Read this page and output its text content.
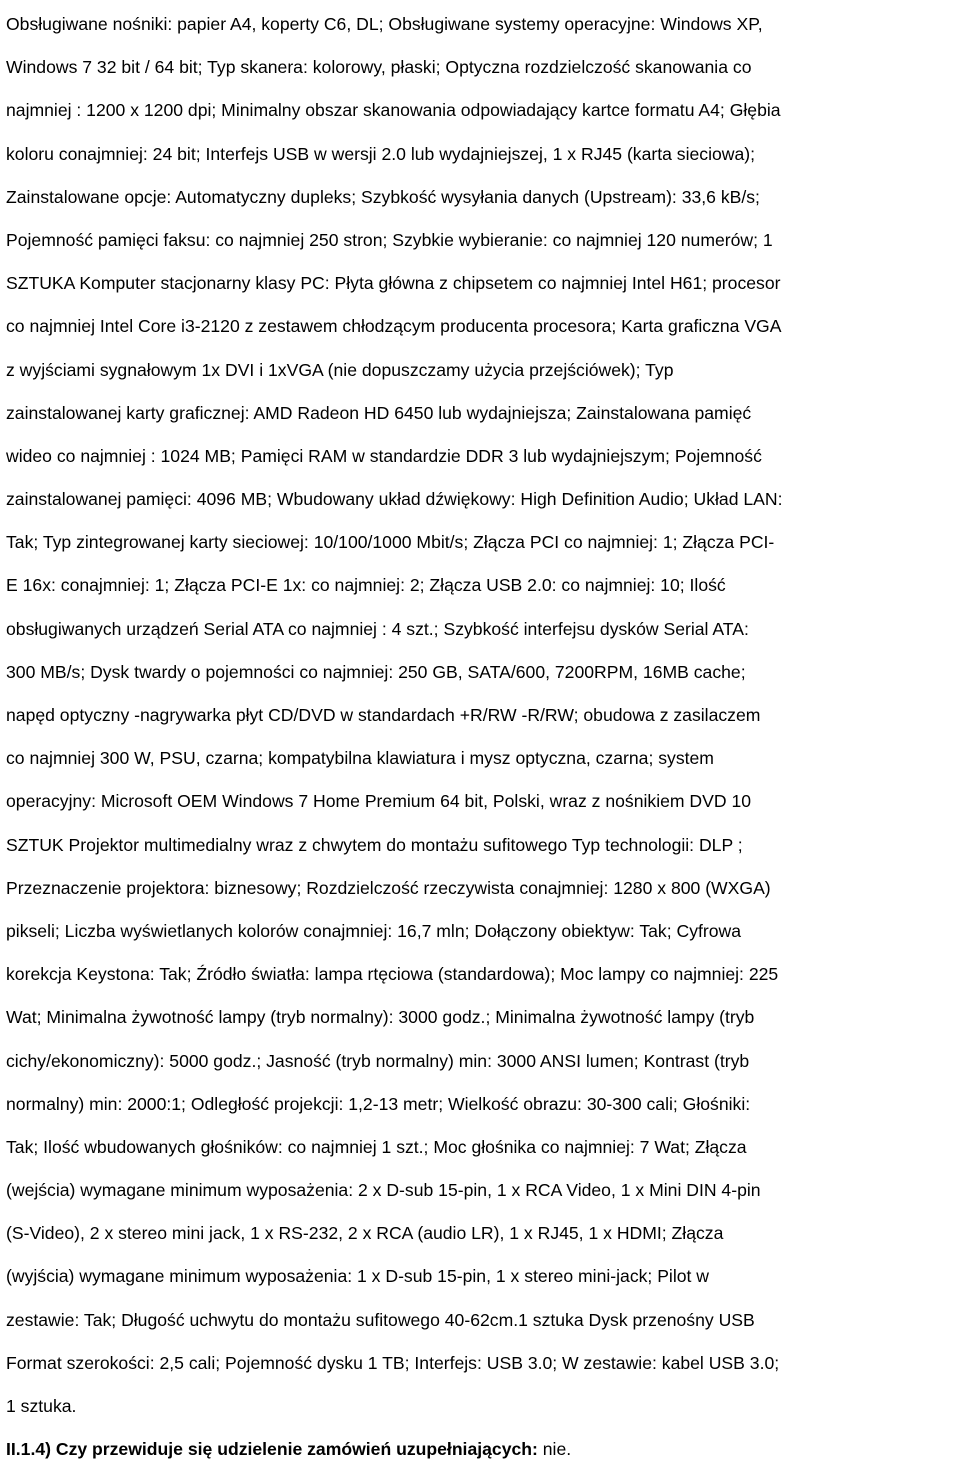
Obsługiwane nośniki: papier A4, koperty C6, DL; Obsługiwane systemy operacyjne: Windows XP,
Windows 7 32 bit / 64 bit; Typ skanera: kolorowy, płaski; Optyczna rozdzielczość skanowania co
najmniej : 1200 x 1200 dpi; Minimalny obszar skanowania odpowiadający kartce formatu A4; Głębia
koloru conajmniej: 24 bit; Interfejs USB w wersji 2.0 lub wydajniejszej, 1 x RJ45 (karta sieciowa);
Zainstalowane opcje: Automatyczny dupleks; Szybkość wysyłania danych (Upstream): 33,6 kB/s;
Pojemność pamięci faksu: co najmniej 250 stron; Szybkie wybieranie: co najmniej 120 numerów; 1
SZTUKA Komputer stacjonarny klasy PC: Płyta główna z chipsetem co najmniej Intel H61; procesor
co najmniej Intel Core i3-2120 z zestawem chłodzącym producenta procesora; Karta graficzna VGA
z wyjściami sygnałowym 1x DVI i 1xVGA (nie dopuszczamy użycia przejściówek); Typ
zainstalowanej karty graficznej: AMD Radeon HD 6450 lub wydajniejsza; Zainstalowana pamięć
wideo co najmniej : 1024 MB; Pamięci RAM w standardzie DDR 3 lub wydajniejszym; Pojemność
zainstalowanej pamięci: 4096 MB; Wbudowany układ dźwiękowy: High Definition Audio; Układ LAN:
Tak; Typ zintegrowanej karty sieciowej: 10/100/1000 Mbit/s; Złącza PCI co najmniej: 1; Złącza PCI-
E 16x: conajmniej: 1; Złącza PCI-E 1x: co najmniej: 2; Złącza USB 2.0: co najmniej: 10; Ilość
obsługiwanych urządzeń Serial ATA co najmniej : 4 szt.; Szybkość interfejsu dysków Serial ATA:
300 MB/s; Dysk twardy o pojemności co najmniej: 250 GB, SATA/600, 7200RPM, 16MB cache;
napęd optyczny -nagrywarka płyt CD/DVD w standardach +R/RW -R/RW; obudowa z zasilaczem
co najmniej 300 W, PSU, czarna; kompatybilna klawiatura i mysz optyczna, czarna; system
operacyjny: Microsoft OEM Windows 7 Home Premium 64 bit, Polski, wraz z nośnikiem DVD 10
SZTUK Projektor multimedialny wraz z chwytem do montażu sufitowego Typ technologii: DLP ;
Przeznaczenie projektora: biznesowy; Rozdzielczość rzeczywista conajmniej: 1280 x 800 (WXGA)
pikseli; Liczba wyświetlanych kolorów conajmniej: 16,7 mln; Dołączony obiektyw: Tak; Cyfrowa
korekcja Keystona: Tak; Źródło światła: lampa rtęciowa (standardowa); Moc lampy co najmniej: 225
Wat; Minimalna żywotność lampy (tryb normalny): 3000 godz.; Minimalna żywotność lampy (tryb
cichy/ekonomiczny): 5000 godz.; Jasność (tryb normalny) min: 3000 ANSI lumen; Kontrast (tryb
normalny) min: 2000:1; Odległość projekcji: 1,2-13 metr; Wielkość obrazu: 30-300 cali; Głośniki:
Tak; Ilość wbudowanych głośników: co najmniej 1 szt.; Moc głośnika co najmniej: 7 Wat; Złącza
(wejścia) wymagane minimum wyposażenia: 2 x D-sub 15-pin, 1 x RCA Video, 1 x Mini DIN 4-pin
(S-Video), 2 x stereo mini jack, 1 x RS-232, 2 x RCA (audio LR), 1 x RJ45, 1 x HDMI; Złącza
(wyjścia) wymagane minimum wyposażenia: 1 x D-sub 15-pin, 1 x stereo mini-jack; Pilot w
zestawie: Tak; Długość uchwytu do montażu sufitowego 40-62cm.1 sztuka Dysk przenośny USB
Format szerokości: 2,5 cali; Pojemność dysku 1 TB; Interfejs: USB 3.0; W zestawie: kabel USB 3.0;
1 sztuka.
II.1.4) Czy przewiduje się udzielenie zamówień uzupełniających: nie.
